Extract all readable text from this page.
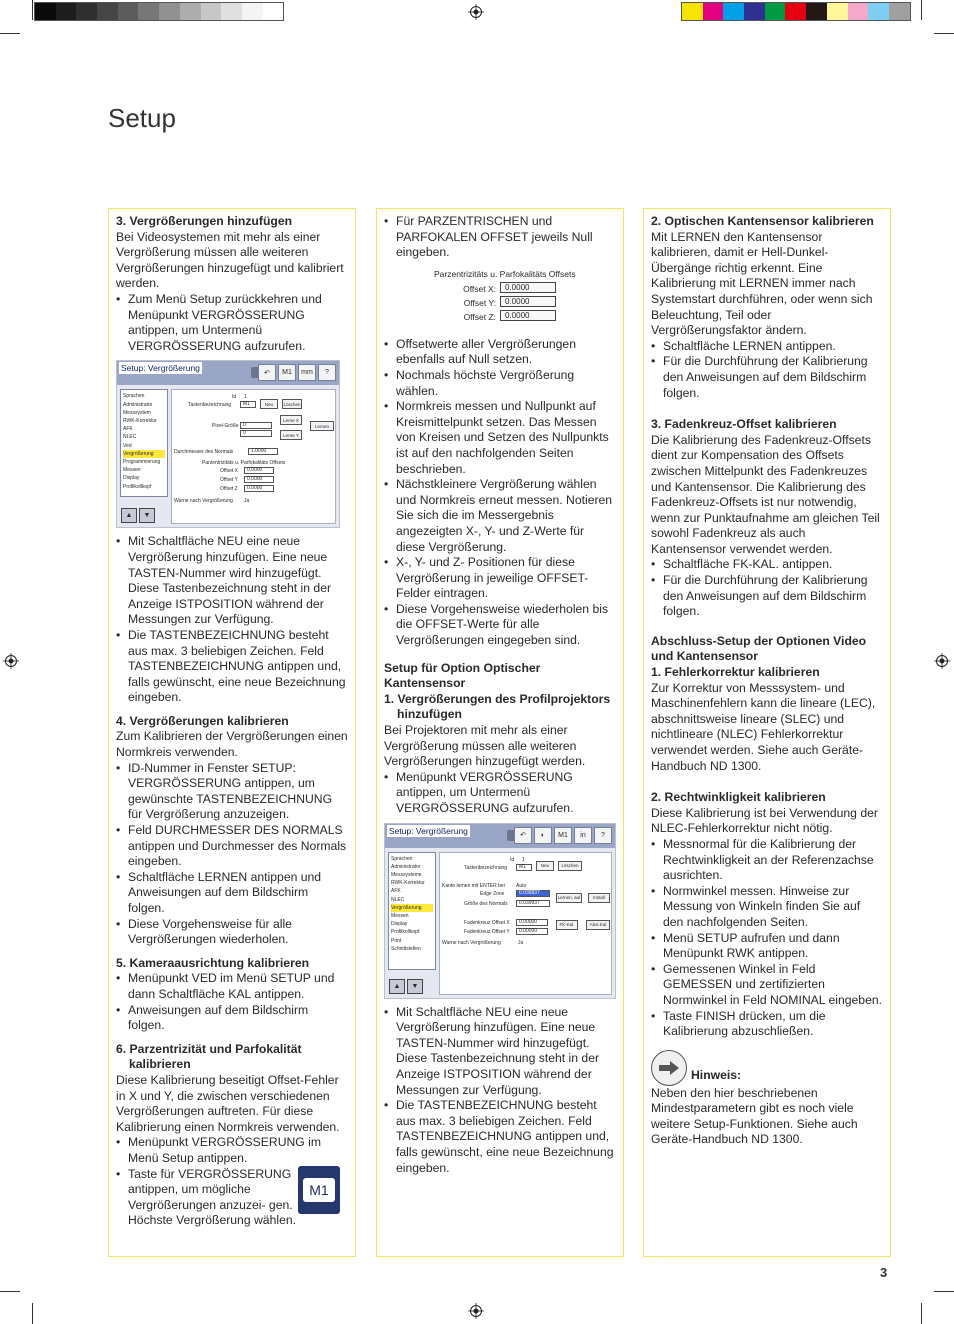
Setup

3. Vergrößerungen hinzufügen

Bei Videosystemen mit mehr als einer Vergrößerung müssen alle weiteren Vergrößerungen hinzugefügt und kalibriert werden.

• Zum Menü Setup zurückkehren und Menüpunkt VERGRÖSSERUNG antippen, um Untermenü VERGRÖSSERUNG aufzurufen.
Setup: Vergrößerung	↶	M1	mm	?
Sprachen
Administrator
Messsystem
RWK-Korrektur
AFK
NLEC
Ved
Vergrößerung
Programmierung
Messen
Display
Profilkollkopf
Id 1
Tastenbezeichnung	M1	Neu	Löschen
Pixel-Größe 0
0
Lerne X
Lerne Y
Lernen
Durchmesser des Normals	1.0000
Parzentrizitäts u. Parfokalitäts Offsets
Offset X	0.0000
Offset Y	0.0000
Offset Z	0.0000
Warne nach Vergrößerung Ja
▲	▼
• Mit Schaltfläche NEU eine neue Vergrößerung hinzufügen. Eine neue TASTEN-Nummer wird hinzugefügt. Diese Tastenbezeichnung steht in der Anzeige ISTPOSITION während der Messungen zur Verfügung.
• Die TASTENBEZEICHNUNG besteht aus max. 3 beliebigen Zeichen. Feld TASTENBEZEICHNUNG antippen und, falls gewünscht, eine neue Bezeichnung eingeben.

4. Vergrößerungen kalibrieren

Zum Kalibrieren der Vergrößerungen einen Normkreis verwenden.

• ID-Nummer in Fenster SETUP: VERGRÖSSERUNG antippen, um gewünschte TASTENBEZEICHNUNG für Vergrößerung anzuzeigen.
• Feld DURCHMESSER DES NORMALS antippen und Durchmesser des Normals eingeben.
• Schaltfläche LERNEN antippen und Anweisungen auf dem Bildschirm folgen.
• Diese Vorgehensweise für alle Vergrößerungen wiederholen.

5. Kameraausrichtung kalibrieren

• Menüpunkt VED im Menü SETUP und dann Schaltfläche KAL antippen.
• Anweisungen auf dem Bildschirm folgen.

6. Parzentrizität und Parfokalität kalibrieren

Diese Kalibrierung beseitigt Offset-Fehler in X und Y, die zwischen verschiedenen Vergrößerungen auftreten. Für diese Kalibrierung einen Normkreis verwenden.

• Menüpunkt VERGRÖSSERUNG im Menü Setup antippen.
• Taste für VERGRÖSSERUNG antippen, um mögliche Vergrößerungen anzuzei- gen. Höchste Vergrößerung wählen.
M1
• Für PARZENTRISCHEN und PARFOKALEN OFFSET jeweils Null eingeben.
Parzentrizitäts u. Parfokalitäts Offsets
Offset X:	0.0000
Offset Y:	0.0000
Offset Z:	0.0000
• Offsetwerte aller Vergrößerungen ebenfalls auf Null setzen.
• Nochmals höchste Vergrößerung wählen.
• Normkreis messen und Nullpunkt auf Kreismittelpunkt setzen. Das Messen von Kreisen und Setzen des Nullpunkts ist auf den nachfolgenden Seiten beschrieben.
• Nächstkleinere Vergrößerung wählen und Normkreis erneut messen. Notieren Sie sich die im Messergebnis angezeigten X-, Y- und Z-Werte für diese Vergrößerung.
• X-, Y- und Z- Positionen für diese Vergrößerung in jeweilige OFFSET-Felder eintragen.
• Diese Vorgehensweise wiederholen bis die OFFSET-Werte für alle Vergrößerungen eingegeben sind.

Setup für Option Optischer Kantensensor

1. Vergrößerungen des Profilprojektors hinzufügen

Bei Projektoren mit mehr als einer Vergrößerung müssen alle weiteren Vergrößerungen hinzugefügt werden.

• Menüpunkt VERGRÖSSERUNG antippen, um Untermenü VERGRÖSSERUNG aufzurufen.
Setup: Vergrößerung	↶	◐	M1	in	?
Sprachen
Administrator
Messsysteme
RWK-Korrektur
AFK
NLEC
Vergrößerung
Messen
Display
Profilkollkopf
Print
Schnittstellen
Id 1
Tastenbezeichnung	M1	Neu	Löschen
Kante lernen mit ENTER bei Auto
Edge Zone	0.039937
Größe des Normals	0.039937
Lernen, auf	Install
Fadenkreuz Offset X	0.00000
Fadenkreuz Offset Y	0.00000
FK-Kal.	Abst.Kal
Warne nach Vergrößerung	Ja
▲	▼
• Mit Schaltfläche NEU eine neue Vergrößerung hinzufügen. Eine neue TASTEN-Nummer wird hinzugefügt. Diese Tastenbezeichnung steht in der Anzeige ISTPOSITION während der Messungen zur Verfügung.
• Die TASTENBEZEICHNUNG besteht aus max. 3 beliebigen Zeichen. Feld TASTENBEZEICHNUNG antippen und, falls gewünscht, eine neue Bezeichnung eingeben.

2. Optischen Kantensensor kalibrieren

Mit LERNEN den Kantensensor kalibrieren, damit er Hell-Dunkel-Übergänge richtig erkennt. Eine Kalibrierung mit LERNEN immer nach Systemstart durchführen, oder wenn sich Beleuchtung, Teil oder Vergrößerungsfaktor ändern.

• Schaltfläche LERNEN antippen.
• Für die Durchführung der Kalibrierung den Anweisungen auf dem Bildschirm folgen.

3. Fadenkreuz-Offset kalibrieren

Die Kalibrierung des Fadenkreuz-Offsets dient zur Kompensation des Offsets zwischen Mittelpunkt des Fadenkreuzes und Kantensensor. Die Kalibrierung des Fadenkreuz-Offsets ist nur notwendig, wenn zur Punktaufnahme am gleichen Teil sowohl Fadenkreuz als auch Kantensensor verwendet werden.

• Schaltfläche FK-KAL. antippen.
• Für die Durchführung der Kalibrierung den Anweisungen auf dem Bildschirm folgen.

Abschluss-Setup der Optionen Video und Kantensensor

1. Fehlerkorrektur kalibrieren

Zur Korrektur von Messsystem- und Maschinenfehlern kann die lineare (LEC), abschnittsweise lineare (SLEC) und nichtlineare (NLEC) Fehlerkorrektur verwendet werden. Siehe auch Geräte-Handbuch ND 1300.

2. Rechtwinkligkeit kalibrieren

Diese Kalibrierung ist bei Verwendung der NLEC-Fehlerkorrektur nicht nötig.

• Messnormal für die Kalibrierung der Rechtwinkligkeit an der Referenzachse ausrichten.
• Normwinkel messen. Hinweise zur Messung von Winkeln finden Sie auf den nachfolgenden Seiten.
• Menü SETUP aufrufen und dann Menüpunkt RWK antippen.
• Gemessenen Winkel in Feld GEMESSEN und zertifizierten Normwinkel in Feld NOMINAL eingeben.
• Taste FINISH drücken, um die Kalibrierung abzuschließen.
Hinweis:

Neben den hier beschriebenen Mindestparametern gibt es noch viele weitere Setup-Funktionen. Siehe auch Geräte-Handbuch ND 1300.

3
